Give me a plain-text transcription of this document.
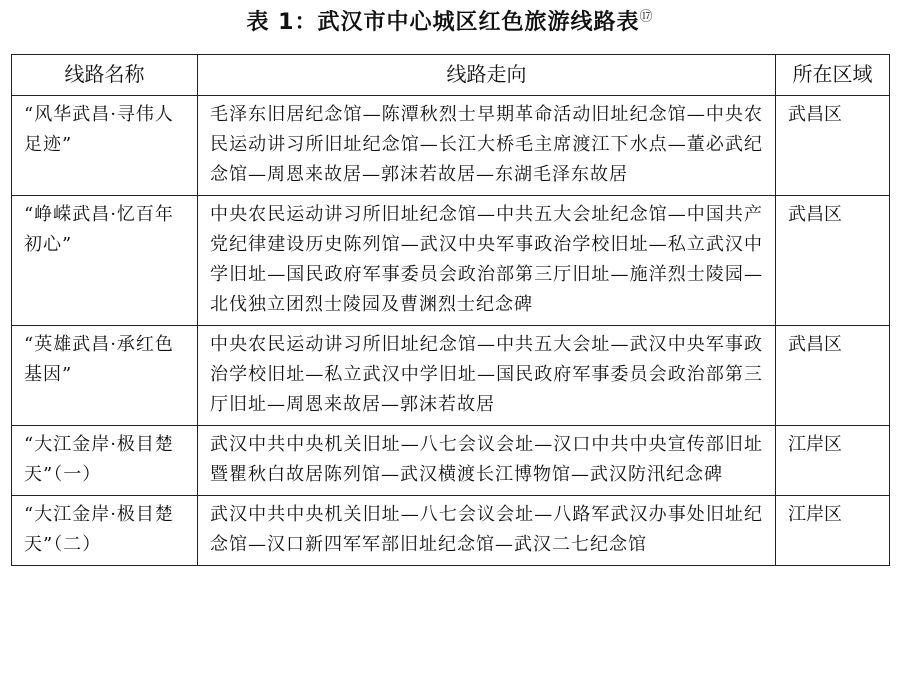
表 1：武汉市中心城区红色旅游线路表⑰
线路名称	线路走向	所在区域
“风华武昌·寻伟人足迹”	毛泽东旧居纪念馆—陈潭秋烈士早期革命活动旧址纪念馆—中央农民运动讲习所旧址纪念馆—长江大桥毛主席渡江下水点—董必武纪念馆—周恩来故居—郭沫若故居—东湖毛泽东故居	武昌区
“峥嵘武昌·忆百年初心”	中央农民运动讲习所旧址纪念馆—中共五大会址纪念馆—中国共产党纪律建设历史陈列馆—武汉中央军事政治学校旧址—私立武汉中学旧址—国民政府军事委员会政治部第三厅旧址—施洋烈士陵园—北伐独立团烈士陵园及曹渊烈士纪念碑	武昌区
“英雄武昌·承红色基因”	中央农民运动讲习所旧址纪念馆—中共五大会址—武汉中央军事政治学校旧址—私立武汉中学旧址—国民政府军事委员会政治部第三厅旧址—周恩来故居—郭沫若故居	武昌区
“大江金岸·极目楚天”（一）	武汉中共中央机关旧址—八七会议会址—汉口中共中央宣传部旧址暨瞿秋白故居陈列馆—武汉横渡长江博物馆—武汉防汛纪念碑	江岸区
“大江金岸·极目楚天”（二）	武汉中共中央机关旧址—八七会议会址—八路军武汉办事处旧址纪念馆—汉口新四军军部旧址纪念馆—武汉二七纪念馆	江岸区
